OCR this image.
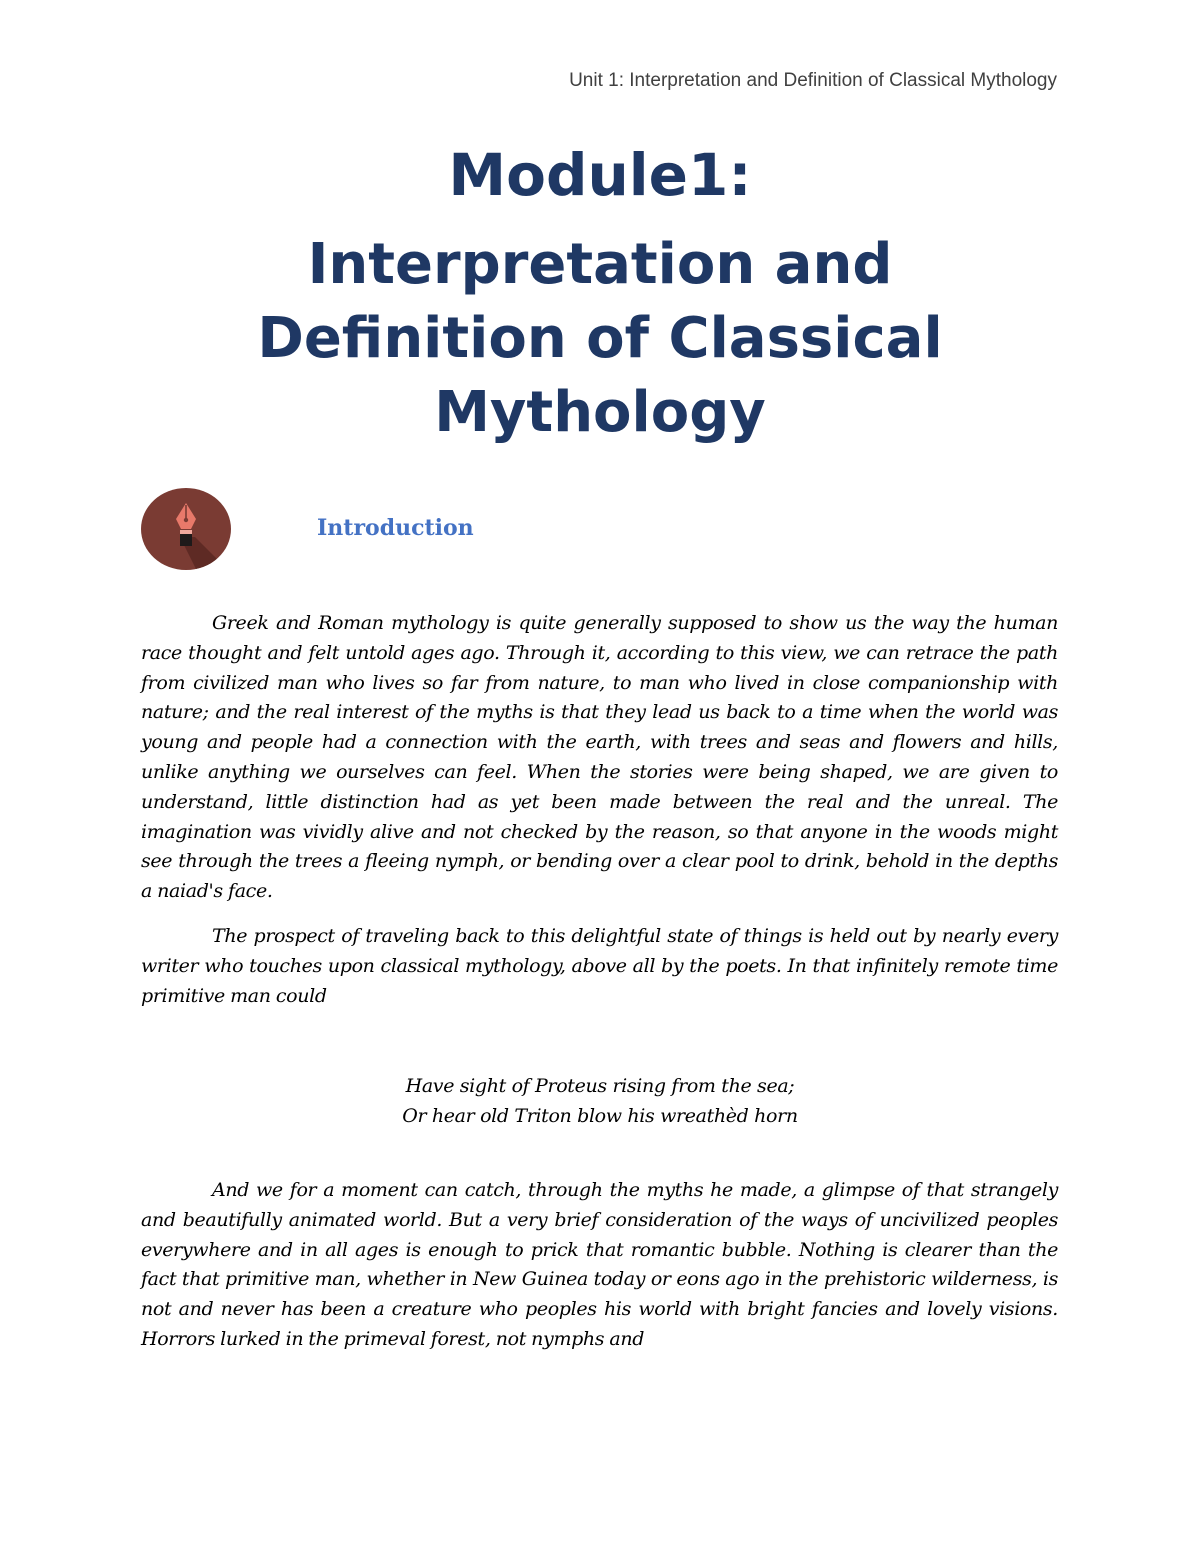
Unit 1: Interpretation and Definition of Classical Mythology
Module1:
Interpretation and Definition of Classical Mythology
Introduction

Greek and Roman mythology is quite generally supposed to show us the way the human race thought and felt untold ages ago. Through it, according to this view, we can retrace the path from civilized man who lives so far from nature, to man who lived in close companionship with nature; and the real interest of the myths is that they lead us back to a time when the world was young and people had a connection with the earth, with trees and seas and flowers and hills, unlike anything we ourselves can feel. When the stories were being shaped, we are given to understand, little distinction had as yet been made between the real and the unreal. The imagination was vividly alive and not checked by the reason, so that anyone in the woods might see through the trees a fleeing nymph, or bending over a clear pool to drink, behold in the depths a naiad's face.

The prospect of traveling back to this delightful state of things is held out by nearly every writer who touches upon classical mythology, above all by the poets. In that infinitely remote time primitive man could

Have sight of Proteus rising from the sea;
Or hear old Triton blow his wreathèd horn

And we for a moment can catch, through the myths he made, a glimpse of that strangely and beautifully animated world. But a very brief consideration of the ways of uncivilized peoples everywhere and in all ages is enough to prick that romantic bubble. Nothing is clearer than the fact that primitive man, whether in New Guinea today or eons ago in the prehistoric wilderness, is not and never has been a creature who peoples his world with bright fancies and lovely visions. Horrors lurked in the primeval forest, not nymphs and
